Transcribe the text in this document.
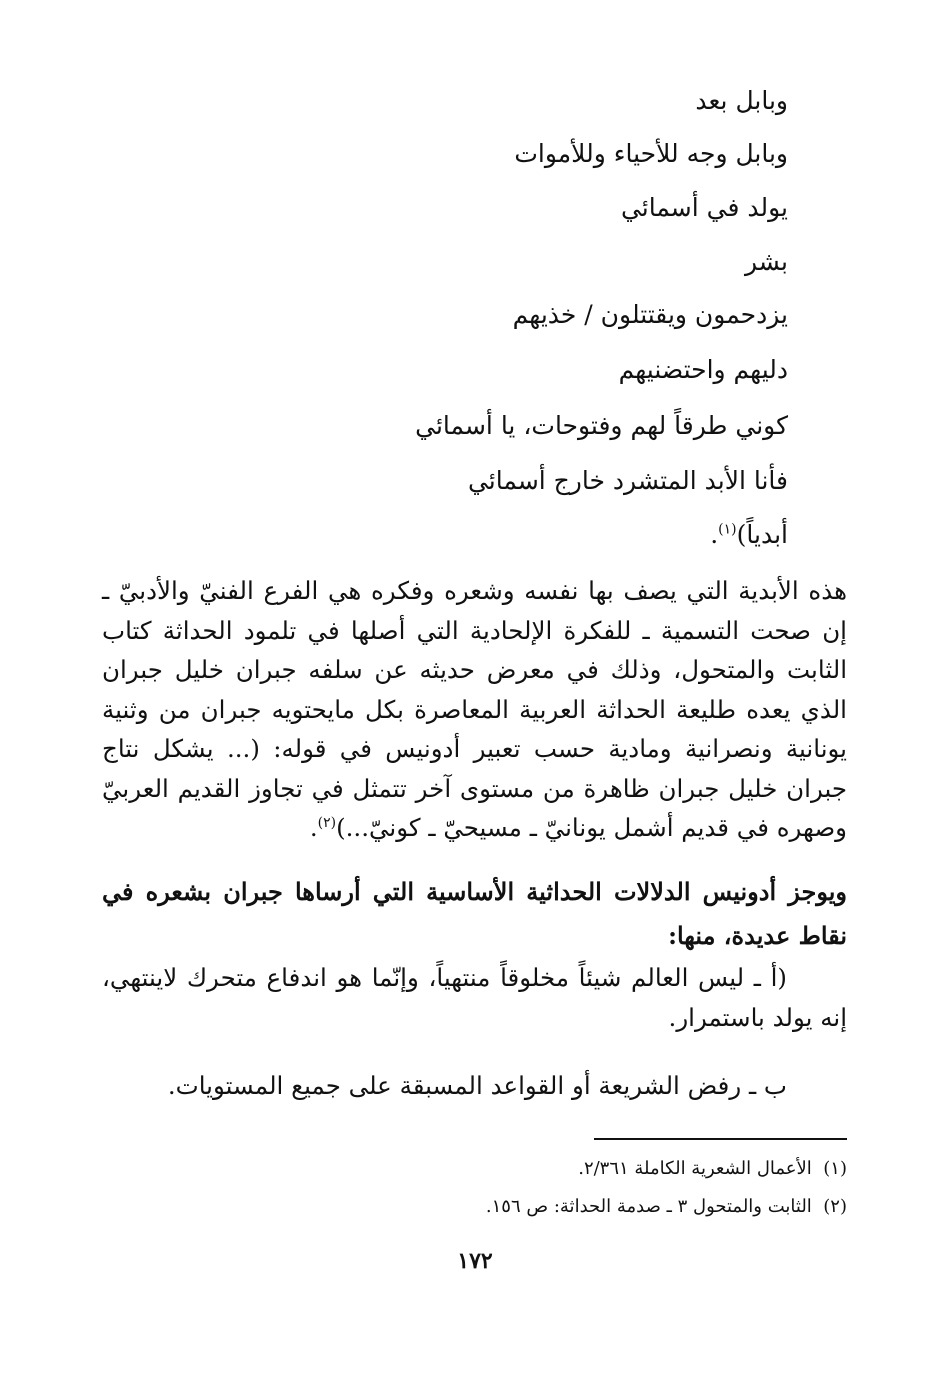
وبابل بعد
وبابل وجه للأحياء وللأموات
يولد في أسمائي
بشر
يزدحمون ويقتتلون / خذيهم
دليهم واحتضنيهم
كوني طرقاً لهم وفتوحات، يا أسمائي
فأنا الأبد المتشرد خارج أسمائي
أبدياً)$^{(١)}$.
هذه الأبدية التي يصف بها نفسه وشعره وفكره هي الفرع الفنيّ والأدبيّ ـ إن صحت التسمية ـ للفكرة الإلحادية التي أصلها في تلمود الحداثة كتاب الثابت والمتحول، وذلك في معرض حديثه عن سلفه جبران خليل جبران الذي يعده طليعة الحداثة العربية المعاصرة بكل مايحتويه جبران من وثنية يونانية ونصرانية ومادية حسب تعبير أدونيس في قوله: (... يشكل نتاج جبران خليل جبران ظاهرة من مستوى آخر تتمثل في تجاوز القديم العربيّ وصهره في قديم أشمل يونانيّ ـ مسيحيّ ـ كونيّ...)$^{(٢)}$.
ويوجز أدونيس الدلالات الحداثية الأساسية التي أرساها جبران بشعره في نقاط عديدة، منها:
(أ ـ ليس العالم شيئاً مخلوقاً منتهياً، وإنّما هو اندفاع متحرك لاينتهي، إنه يولد باستمرار.
ب ـ رفض الشريعة أو القواعد المسبقة على جميع المستويات.
(١)  الأعمال الشعرية الكاملة ٢/٣٦١.
(٢)  الثابت والمتحول ٣ ـ صدمة الحداثة: ص ١٥٦.
١٧٢
